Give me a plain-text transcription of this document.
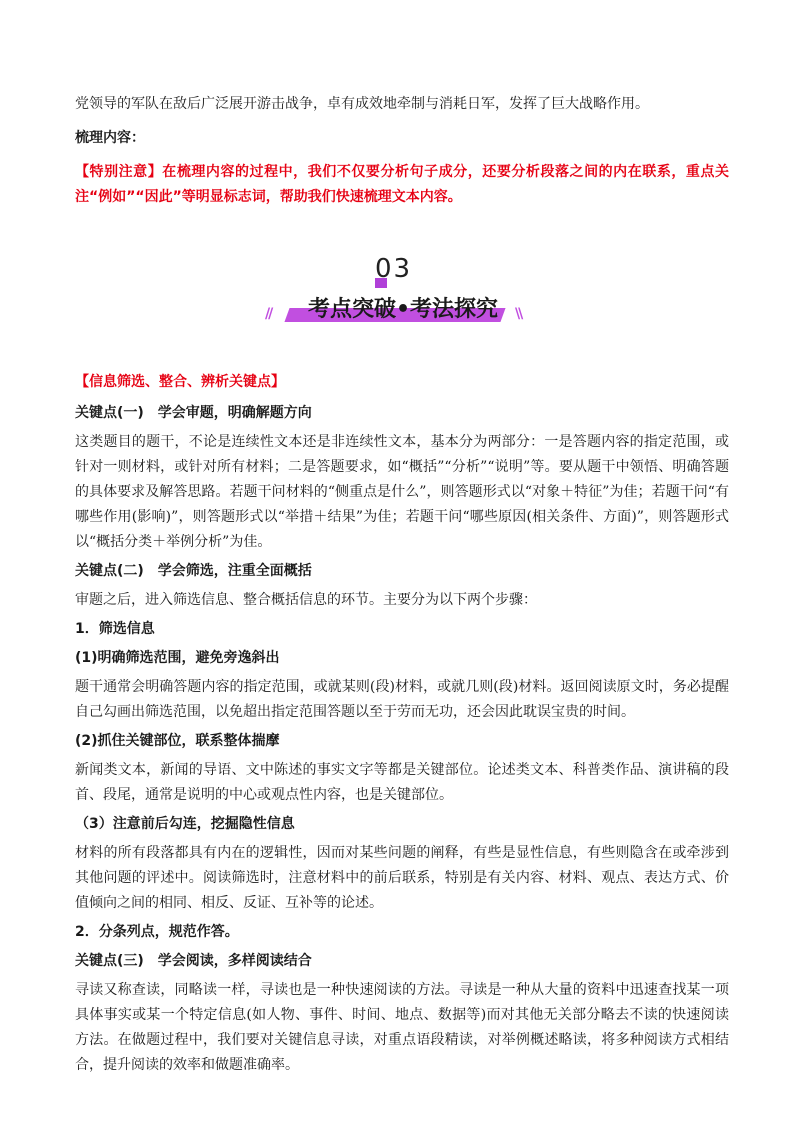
党领导的军队在敌后广泛展开游击战争，卓有成效地牵制与消耗日军，发挥了巨大战略作用。

梳理内容：

【特别注意】在梳理内容的过程中，我们不仅要分析句子成分，还要分析段落之间的内在联系，重点关注“例如”“因此”等明显标志词，帮助我们快速梳理文本内容。

03
考点突破•考法探究
//	\\

【信息筛选、整合、辨析关键点】

关键点(一)　学会审题，明确解题方向

这类题目的题干，不论是连续性文本还是非连续性文本，基本分为两部分：一是答题内容的指定范围，或针对一则材料，或针对所有材料；二是答题要求，如“概括”“分析”“说明”等。要从题干中领悟、明确答题的具体要求及解答思路。若题干问材料的“侧重点是什么”，则答题形式以“对象＋特征”为佳；若题干问“有哪些作用(影响)”，则答题形式以“举措＋结果”为佳；若题干问“哪些原因(相关条件、方面)”，则答题形式以“概括分类＋举例分析”为佳。

关键点(二)　学会筛选，注重全面概括

审题之后，进入筛选信息、整合概括信息的环节。主要分为以下两个步骤：

1．筛选信息

(1)明确筛选范围，避免旁逸斜出

题干通常会明确答题内容的指定范围，或就某则(段)材料，或就几则(段)材料。返回阅读原文时，务必提醒自己勾画出筛选范围，以免超出指定范围答题以至于劳而无功，还会因此耽误宝贵的时间。

(2)抓住关键部位，联系整体揣摩

新闻类文本，新闻的导语、文中陈述的事实文字等都是关键部位。论述类文本、科普类作品、演讲稿的段首、段尾，通常是说明的中心或观点性内容，也是关键部位。

（3）注意前后勾连，挖掘隐性信息

材料的所有段落都具有内在的逻辑性，因而对某些问题的阐释，有些是显性信息，有些则隐含在或牵涉到其他问题的评述中。阅读筛选时，注意材料中的前后联系，特别是有关内容、材料、观点、表达方式、价值倾向之间的相同、相反、反证、互补等的论述。

2．分条列点，规范作答。

关键点(三)　学会阅读，多样阅读结合

寻读又称查读，同略读一样，寻读也是一种快速阅读的方法。寻读是一种从大量的资料中迅速查找某一项具体事实或某一个特定信息(如人物、事件、时间、地点、数据等)而对其他无关部分略去不读的快速阅读方法。在做题过程中，我们要对关键信息寻读，对重点语段精读，对举例概述略读，将多种阅读方式相结合，提升阅读的效率和做题准确率。
